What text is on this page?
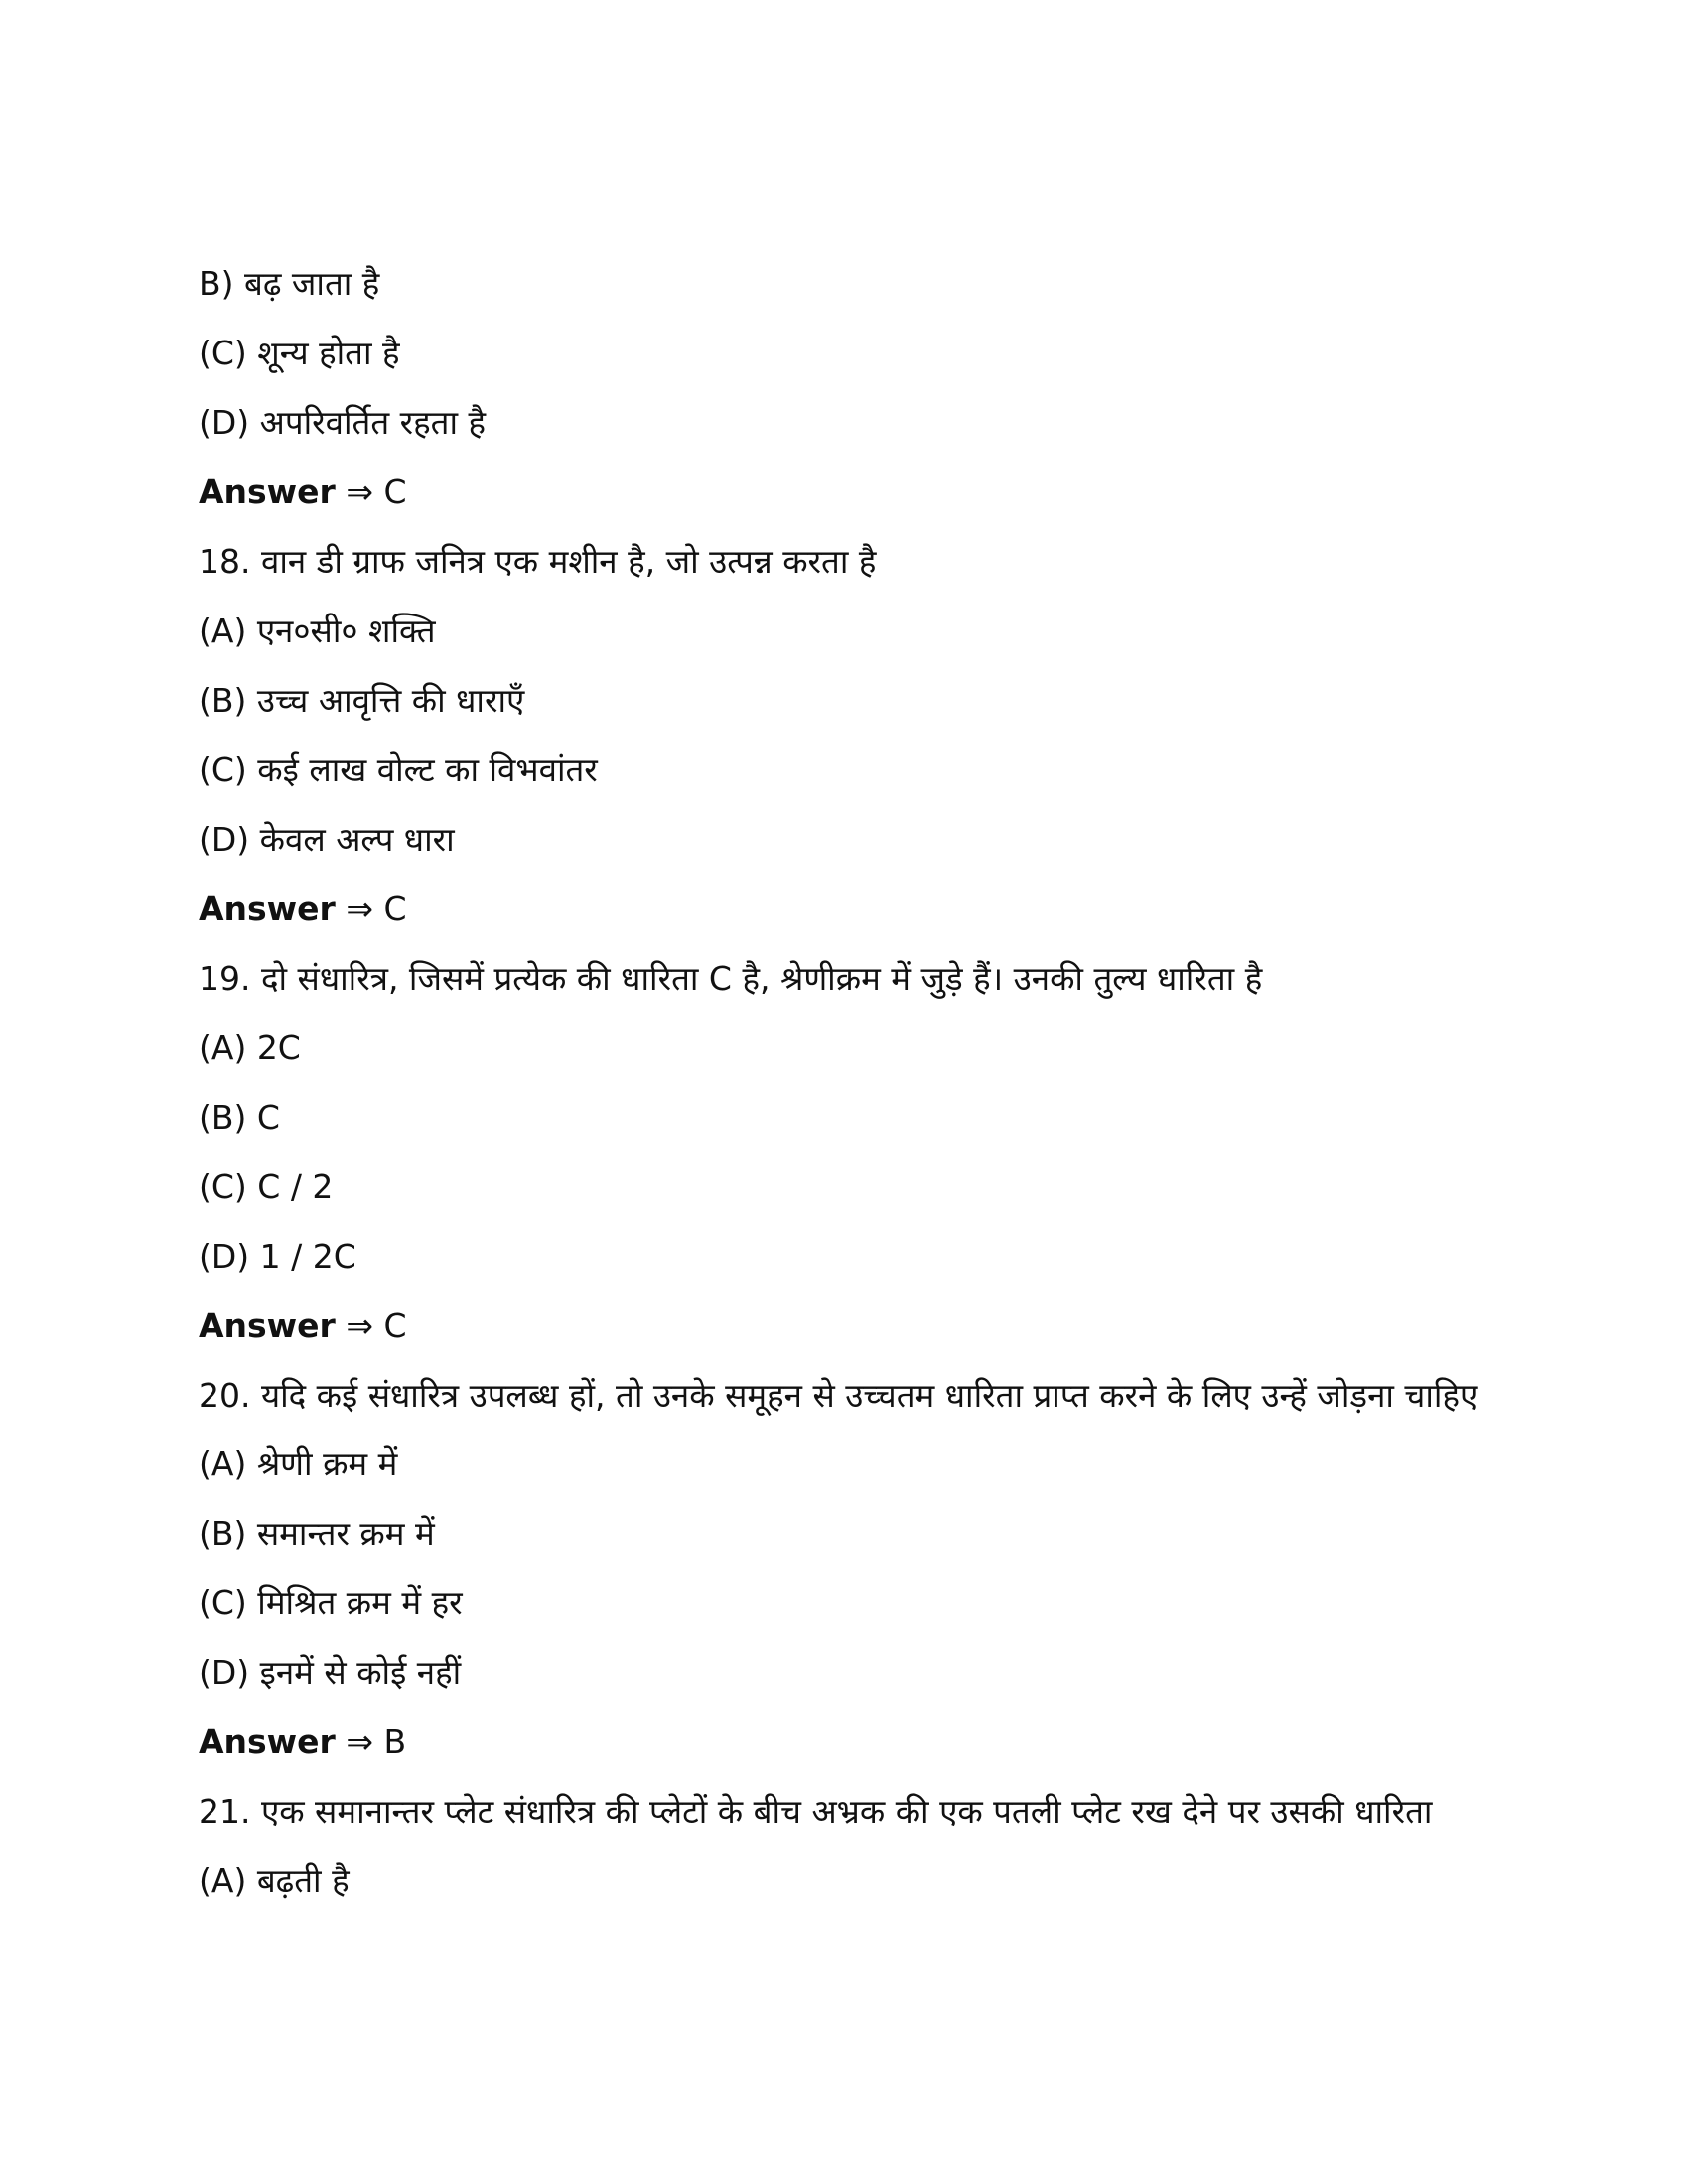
B) बढ़ जाता है
(C) शून्य होता है
(D) अपरिवर्तित रहता है
Answer ⇒ C
18. वान डी ग्राफ जनित्र एक मशीन है, जो उत्पन्न करता है
(A) एन०सी० शक्ति
(B) उच्च आवृत्ति की धाराएँ
(C) कई लाख वोल्ट का विभवांतर
(D) केवल अल्प धारा
Answer ⇒ C
19. दो संधारित्र, जिसमें प्रत्येक की धारिता C है, श्रेणीक्रम में जुड़े हैं। उनकी तुल्य धारिता है
(A) 2C
(B) C
(C) C / 2
(D) 1 / 2C
Answer ⇒ C
20. यदि कई संधारित्र उपलब्ध हों, तो उनके समूहन से उच्चतम धारिता प्राप्त करने के लिए उन्हें जोड़ना चाहिए
(A) श्रेणी क्रम में
(B) समान्तर क्रम में
(C) मिश्रित क्रम में हर
(D) इनमें से कोई नहीं
Answer ⇒ B
21. एक समानान्तर प्लेट संधारित्र की प्लेटों के बीच अभ्रक की एक पतली प्लेट रख देने पर उसकी धारिता
(A) बढ़ती है
